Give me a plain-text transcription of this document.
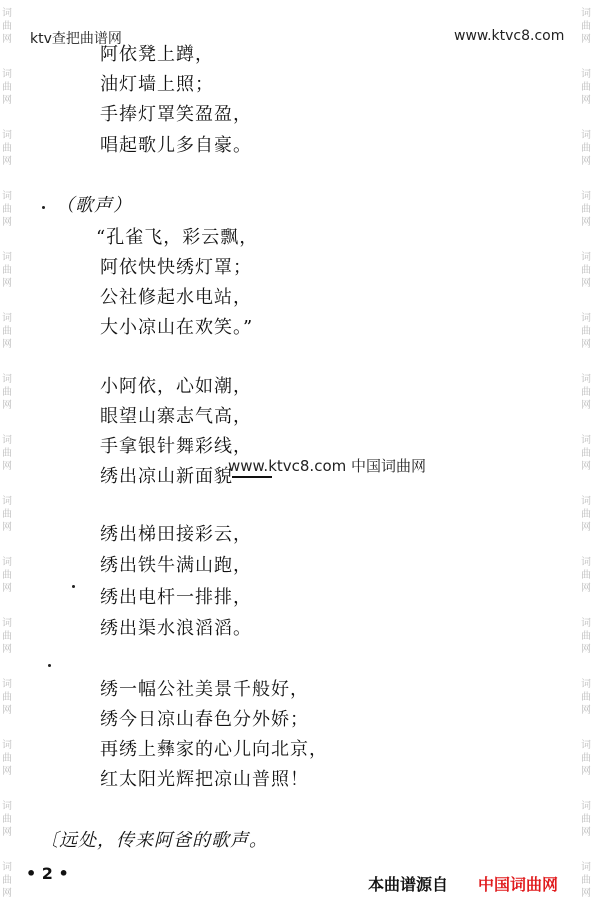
ktv查把曲谱网	www.ktvc8.com
词
曲
网
词
曲
网
词
曲
网
词
曲
网
词
曲
网
词
曲
网
词
曲
网
词
曲
网
词
曲
网
词
曲
网
词
曲
网
词
曲
网
词
曲
网
词
曲
网
词
曲
网
词
曲
网
词
曲
网
词
曲
网
词
曲
网
词
曲
网
词
曲
网
词
曲
网
词
曲
网
词
曲
网
词
曲
网
词
曲
网
词
曲
网
词
曲
网
词
曲
网
词
曲
网
阿依凳上蹲，
油灯墙上照；
手捧灯罩笑盈盈，
唱起歌儿多自豪。
（歌声）
“孔雀飞，彩云飘，
阿依快快绣灯罩；
公社修起水电站，
大小凉山在欢笑。”
小阿依，心如潮，
眼望山寨志气高，
手拿银针舞彩线，
绣出凉山新面貌
www.ktvc8.com 中国词曲网
绣出梯田接彩云，
绣出铁牛满山跑，
绣出电杆一排排，
绣出渠水浪滔滔。
绣一幅公社美景千般好，
绣今日凉山春色分外娇；
再绣上彝家的心儿向北京，
红太阳光辉把凉山普照！
〔远处，传来阿爸的歌声。
• 2 •
本曲谱源自 中国词曲网
